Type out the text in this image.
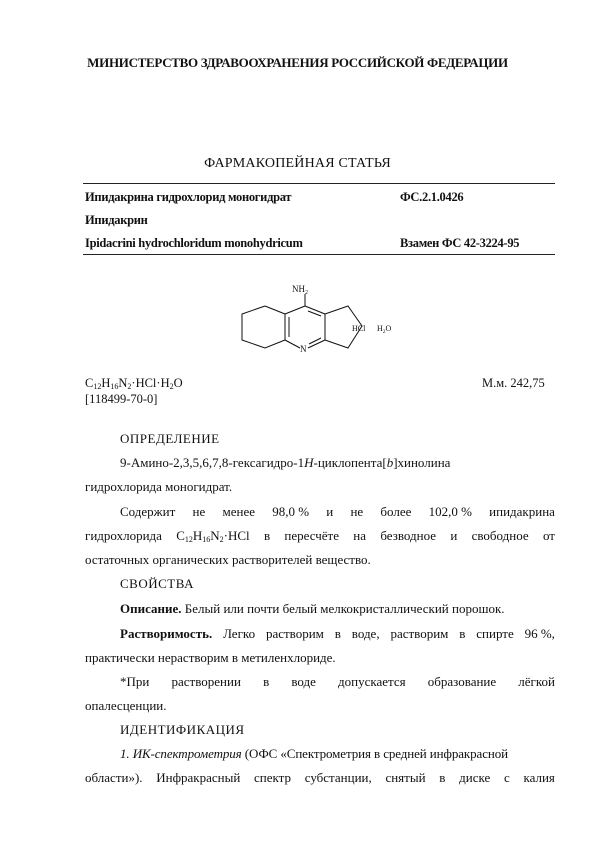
МИНИСТЕРСТВО ЗДРАВООХРАНЕНИЯ РОССИЙСКОЙ ФЕДЕРАЦИИ
ФАРМАКОПЕЙНАЯ СТАТЬЯ
Ипидакрина гидрохлорид моногидрат	ФС.2.1.0426
Ипидакрин
Ipidacrini hydrochloridum monohydricum	Взамен ФС 42-3224-95
$NH_2$
N
HCl $H_2O$
$C_{12}H_{16}N_2\cdot HCl\cdot H_2O$	М.м. 242,75
[118499-70-0]
ОПРЕДЕЛЕНИЕ
9-Амино-2,3,5,6,7,8-гексагидро-1H-циклопента[b]хинолина
гидрохлорида моногидрат.
Содержит не менее 98,0 % и не более 102,0 % ипидакрина
гидрохлорида $C_{12}H_{16}N_2\cdot HCl$ в пересчёте на безводное и свободное от
остаточных органических растворителей вещество.
СВОЙСТВА
Описание. Белый или почти белый мелкокристаллический порошок.
Растворимость. Легко растворим в воде, растворим в спирте 96 %,
практически нерастворим в метиленхлориде.
*При растворении в воде допускается образование лёгкой
опалесценции.
ИДЕНТИФИКАЦИЯ
1. ИК-спектрометрия (ОФС «Спектрометрия в средней инфракрасной
области»). Инфракрасный спектр субстанции, снятый в диске с калия
